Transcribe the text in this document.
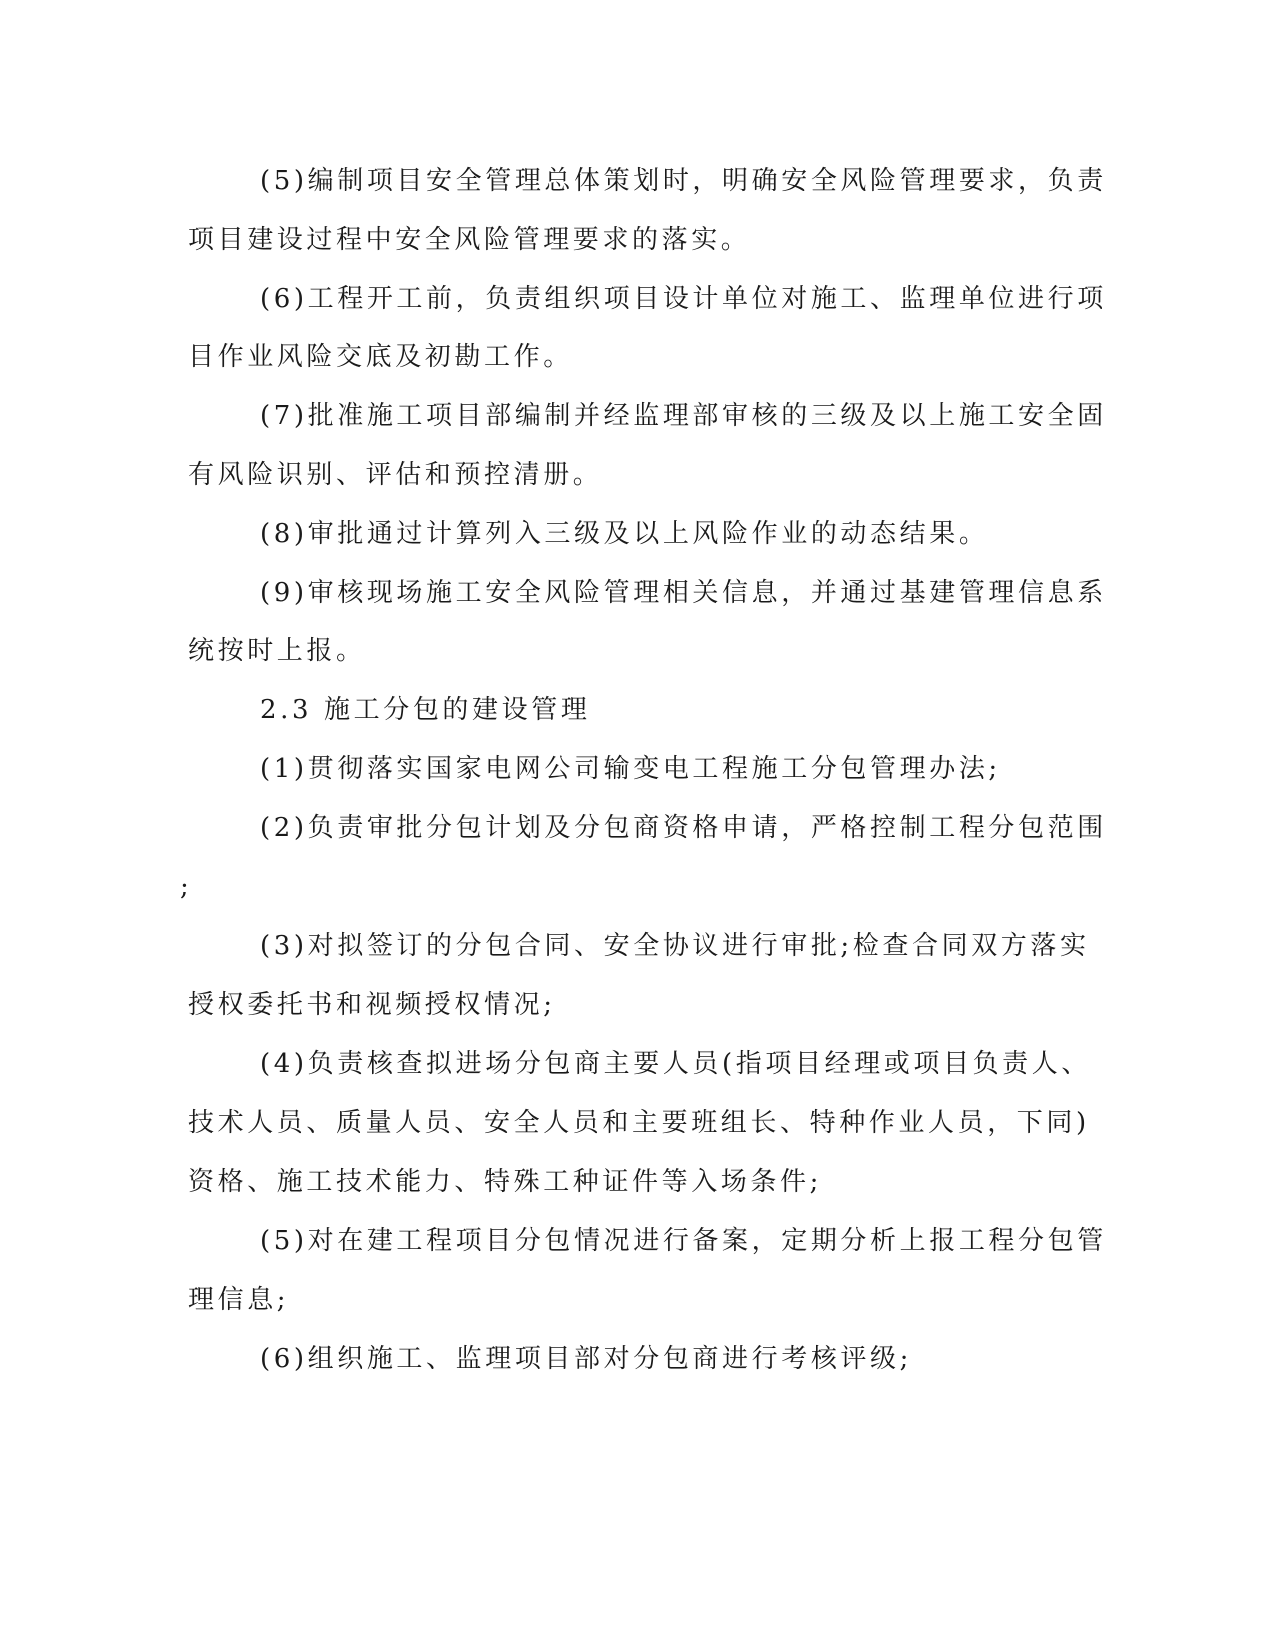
(5)编制项目安全管理总体策划时，明确安全风险管理要求，负责
项目建设过程中安全风险管理要求的落实。
(6)工程开工前，负责组织项目设计单位对施工、监理单位进行项
目作业风险交底及初勘工作。
(7)批准施工项目部编制并经监理部审核的三级及以上施工安全固
有风险识别、评估和预控清册。
(8)审批通过计算列入三级及以上风险作业的动态结果。
(9)审核现场施工安全风险管理相关信息，并通过基建管理信息系
统按时上报。
2.3 施工分包的建设管理
(1)贯彻落实国家电网公司输变电工程施工分包管理办法;
(2)负责审批分包计划及分包商资格申请，严格控制工程分包范围
;
(3)对拟签订的分包合同、安全协议进行审批;检查合同双方落实
授权委托书和视频授权情况;
(4)负责核查拟进场分包商主要人员(指项目经理或项目负责人、
技术人员、质量人员、安全人员和主要班组长、特种作业人员，下同)
资格、施工技术能力、特殊工种证件等入场条件;
(5)对在建工程项目分包情况进行备案，定期分析上报工程分包管
理信息;
(6)组织施工、监理项目部对分包商进行考核评级;
